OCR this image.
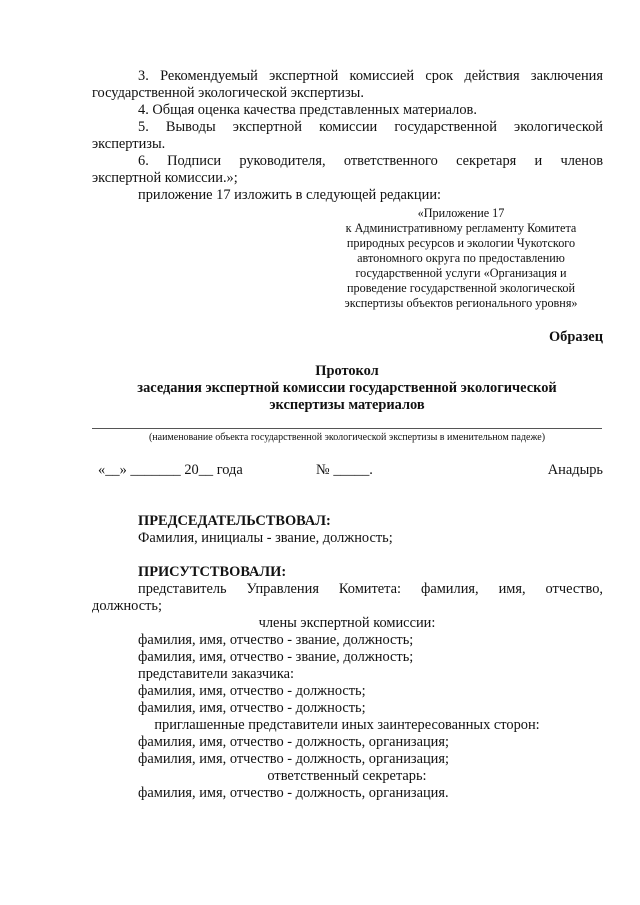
3. Рекомендуемый экспертной комиссией срок действия заключения
государственной экологической экспертизы.
4. Общая оценка качества представленных материалов.
5. Выводы экспертной комиссии государственной экологической
экспертизы.
6. Подписи руководителя, ответственного секретаря и членов
экспертной комиссии.»;
приложение 17 изложить в следующей редакции:
«Приложение 17
к Административному регламенту Комитета
природных ресурсов и экологии Чукотского
автономного округа по предоставлению
государственной услуги «Организация и
проведение государственной экологической
экспертизы объектов регионального уровня»
Образец
Протокол
заседания экспертной комиссии государственной экологической
экспертизы материалов
(наименование объекта государственной экологической экспертизы в именительном падеже)
«__» _______ 20__ года	№ _____.	Анадырь
ПРЕДСЕДАТЕЛЬСТВОВАЛ:
Фамилия, инициалы - звание, должность;
ПРИСУТСТВОВАЛИ:
представитель Управления Комитета: фамилия, имя, отчество,
должность;
члены экспертной комиссии:
фамилия, имя, отчество - звание, должность;
фамилия, имя, отчество - звание, должность;
представители заказчика:
фамилия, имя, отчество - должность;
фамилия, имя, отчество - должность;
приглашенные представители иных заинтересованных сторон:
фамилия, имя, отчество - должность, организация;
фамилия, имя, отчество - должность, организация;
ответственный секретарь:
фамилия, имя, отчество - должность, организация.
